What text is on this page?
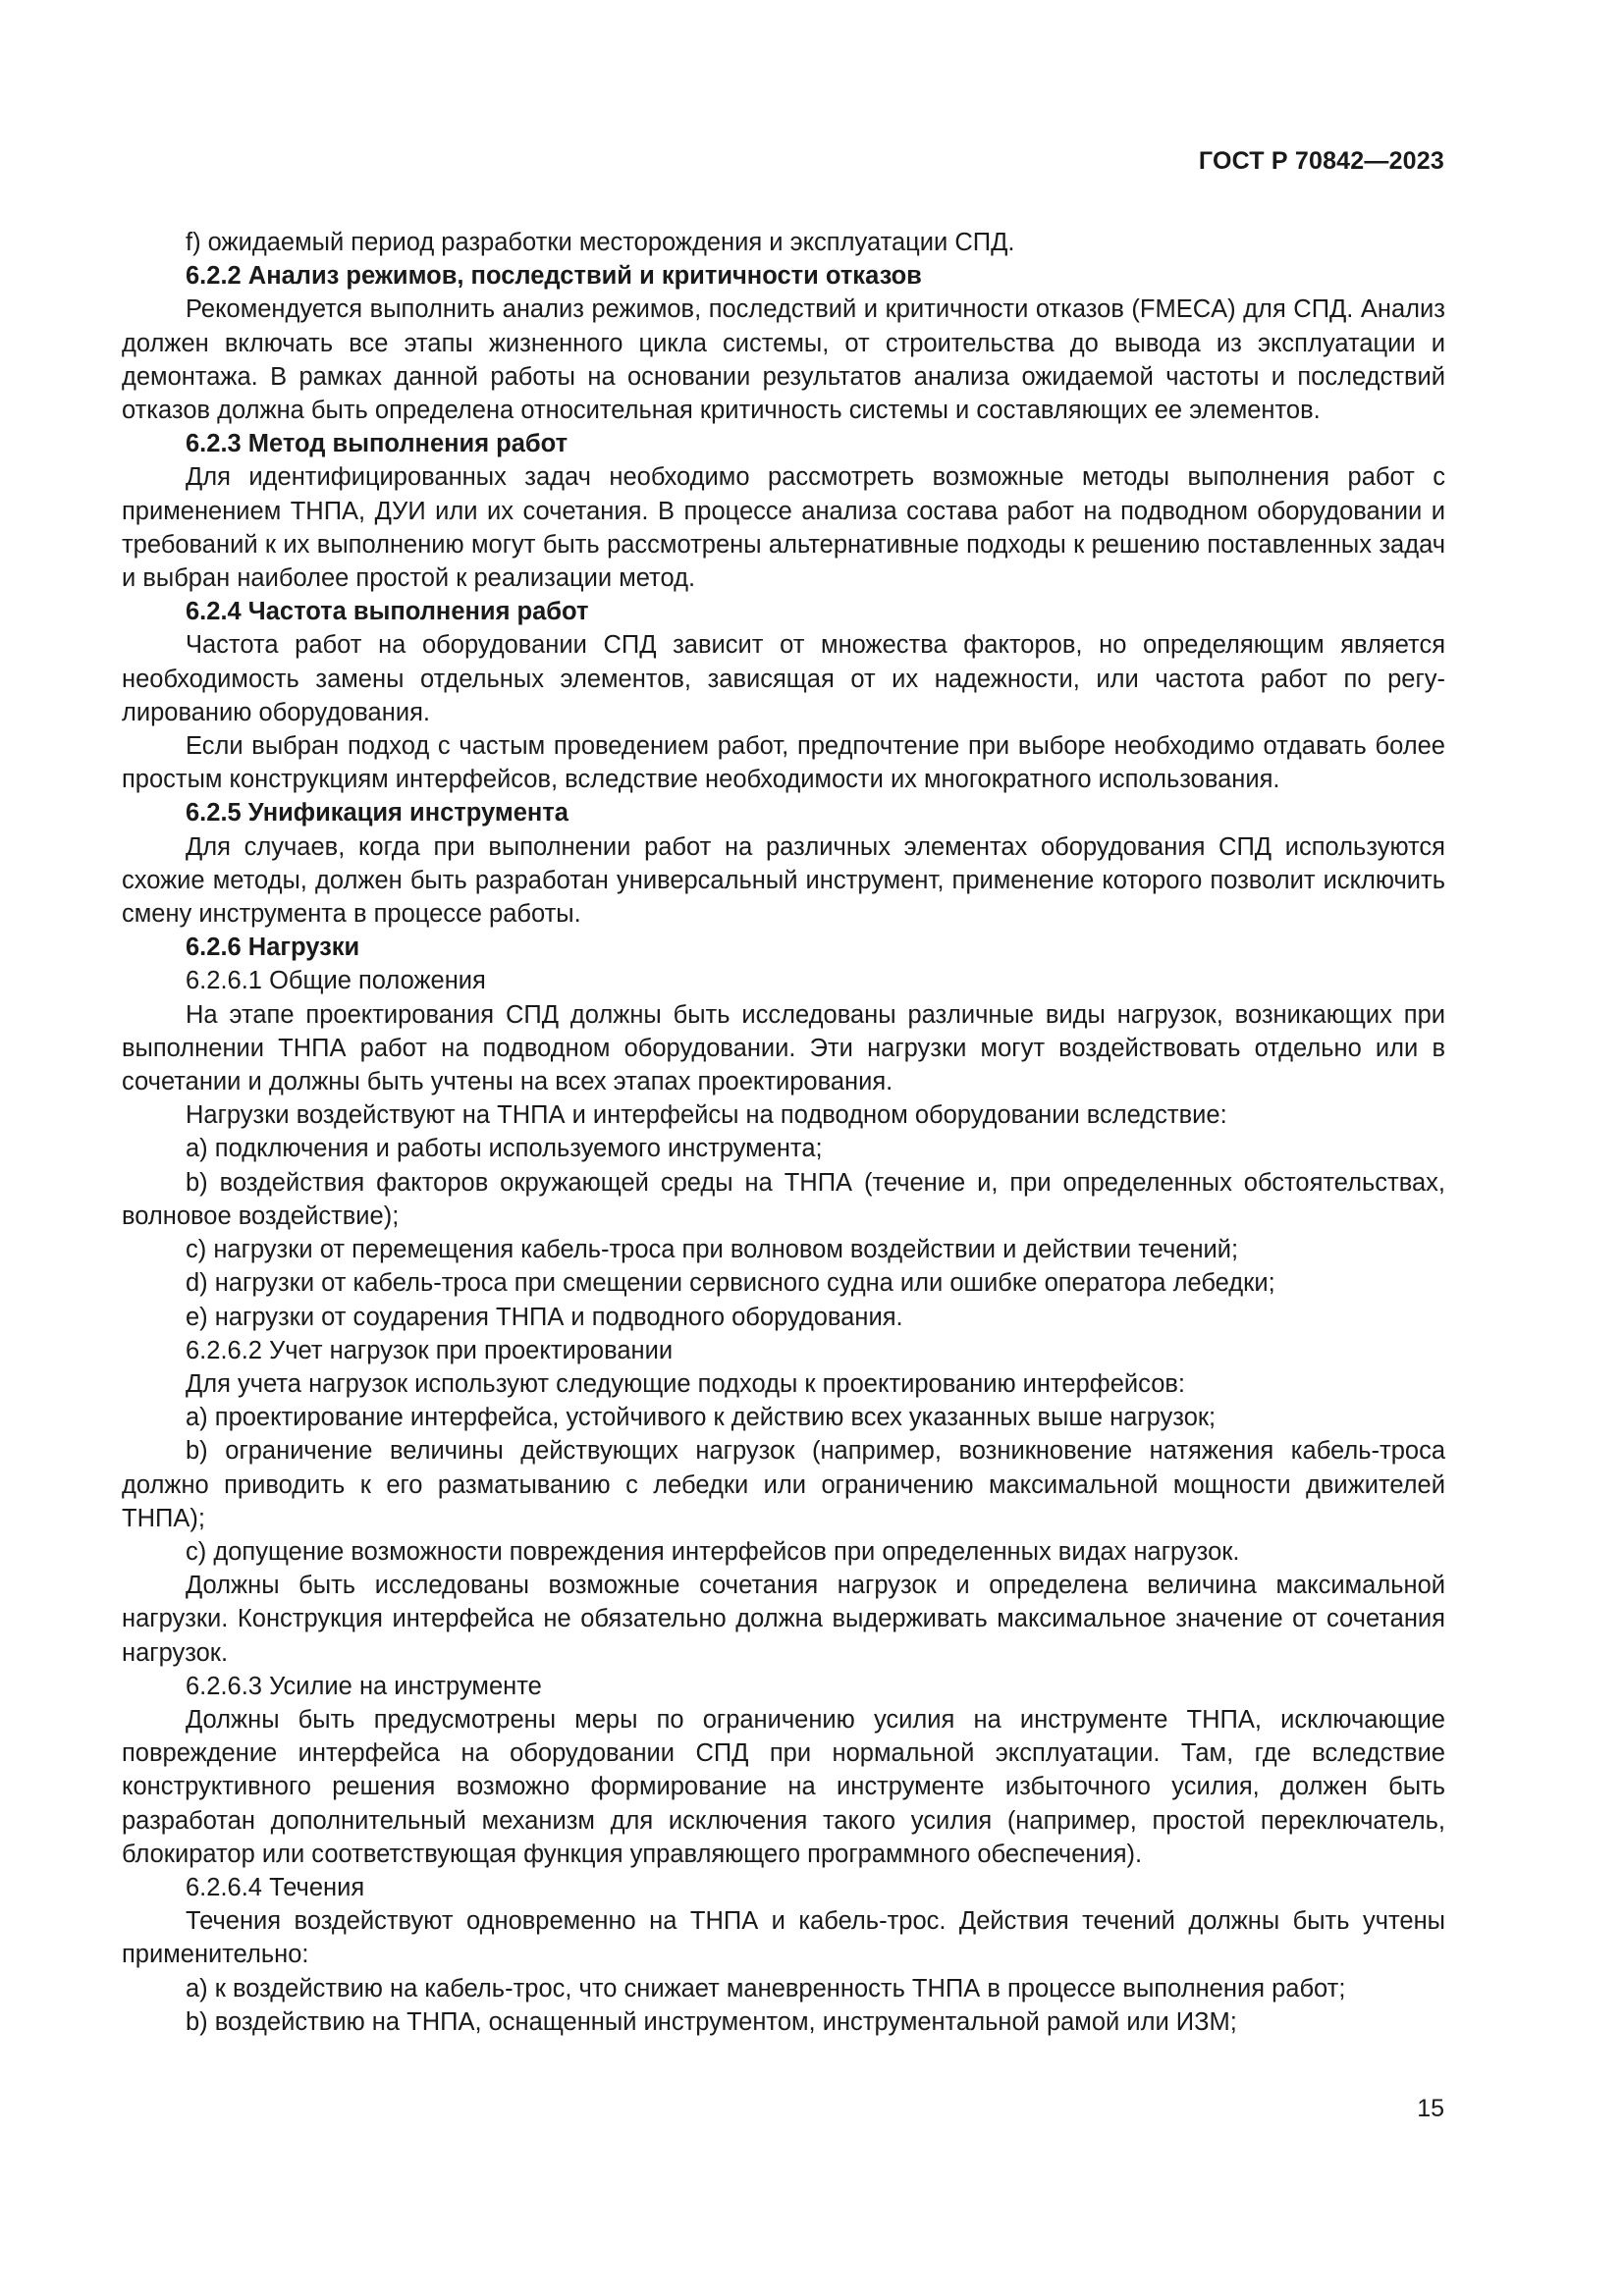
ГОСТ Р 70842—2023

f) ожидаемый период разработки месторождения и эксплуатации СПД.

6.2.2 Анализ режимов, последствий и критичности отказов

Рекомендуется выполнить анализ режимов, последствий и критичности отказов (FMECA) для СПД. Анализ должен включать все этапы жизненного цикла системы, от строительства до вывода из эксплуатации и демонтажа. В рамках данной работы на основании результатов анализа ожидаемой частоты и последствий отказов должна быть определена относительная критичность системы и составляющих ее элементов.

6.2.3 Метод выполнения работ

Для идентифицированных задач необходимо рассмотреть возможные методы выполнения работ с применением ТНПА, ДУИ или их сочетания. В процессе анализа состава работ на подводном оборудовании и требований к их выполнению могут быть рассмотрены альтернативные подходы к решению поставленных задач и выбран наиболее простой к реализации метод.

6.2.4 Частота выполнения работ

Частота работ на оборудовании СПД зависит от множества факторов, но определяющим является необходимость замены отдельных элементов, зависящая от их надежности, или частота работ по регулированию оборудования.

Если выбран подход с частым проведением работ, предпочтение при выборе необходимо отдавать более простым конструкциям интерфейсов, вследствие необходимости их многократного использования.

6.2.5 Унификация инструмента

Для случаев, когда при выполнении работ на различных элементах оборудования СПД используются схожие методы, должен быть разработан универсальный инструмент, применение которого позволит исключить смену инструмента в процессе работы.

6.2.6 Нагрузки

6.2.6.1 Общие положения

На этапе проектирования СПД должны быть исследованы различные виды нагрузок, возникающих при выполнении ТНПА работ на подводном оборудовании. Эти нагрузки могут воздействовать отдельно или в сочетании и должны быть учтены на всех этапах проектирования.

Нагрузки воздействуют на ТНПА и интерфейсы на подводном оборудовании вследствие:

a) подключения и работы используемого инструмента;

b) воздействия факторов окружающей среды на ТНПА (течение и, при определенных обстоятельствах, волновое воздействие);

c) нагрузки от перемещения кабель-троса при волновом воздействии и действии течений;

d) нагрузки от кабель-троса при смещении сервисного судна или ошибке оператора лебедки;

e) нагрузки от соударения ТНПА и подводного оборудования.

6.2.6.2 Учет нагрузок при проектировании

Для учета нагрузок используют следующие подходы к проектированию интерфейсов:

a) проектирование интерфейса, устойчивого к действию всех указанных выше нагрузок;

b) ограничение величины действующих нагрузок (например, возникновение натяжения кабель-троса должно приводить к его разматыванию с лебедки или ограничению максимальной мощности движителей ТНПА);

c) допущение возможности повреждения интерфейсов при определенных видах нагрузок.

Должны быть исследованы возможные сочетания нагрузок и определена величина максимальной нагрузки. Конструкция интерфейса не обязательно должна выдерживать максимальное значение от сочетания нагрузок.

6.2.6.3 Усилие на инструменте

Должны быть предусмотрены меры по ограничению усилия на инструменте ТНПА, исключающие повреждение интерфейса на оборудовании СПД при нормальной эксплуатации. Там, где вследствие конструктивного решения возможно формирование на инструменте избыточного усилия, должен быть разработан дополнительный механизм для исключения такого усилия (например, простой переключатель, блокиратор или соответствующая функция управляющего программного обеспечения).

6.2.6.4 Течения

Течения воздействуют одновременно на ТНПА и кабель-трос. Действия течений должны быть учтены применительно:

a) к воздействию на кабель-трос, что снижает маневренность ТНПА в процессе выполнения работ;

b) воздействию на ТНПА, оснащенный инструментом, инструментальной рамой или ИЗМ;

15
